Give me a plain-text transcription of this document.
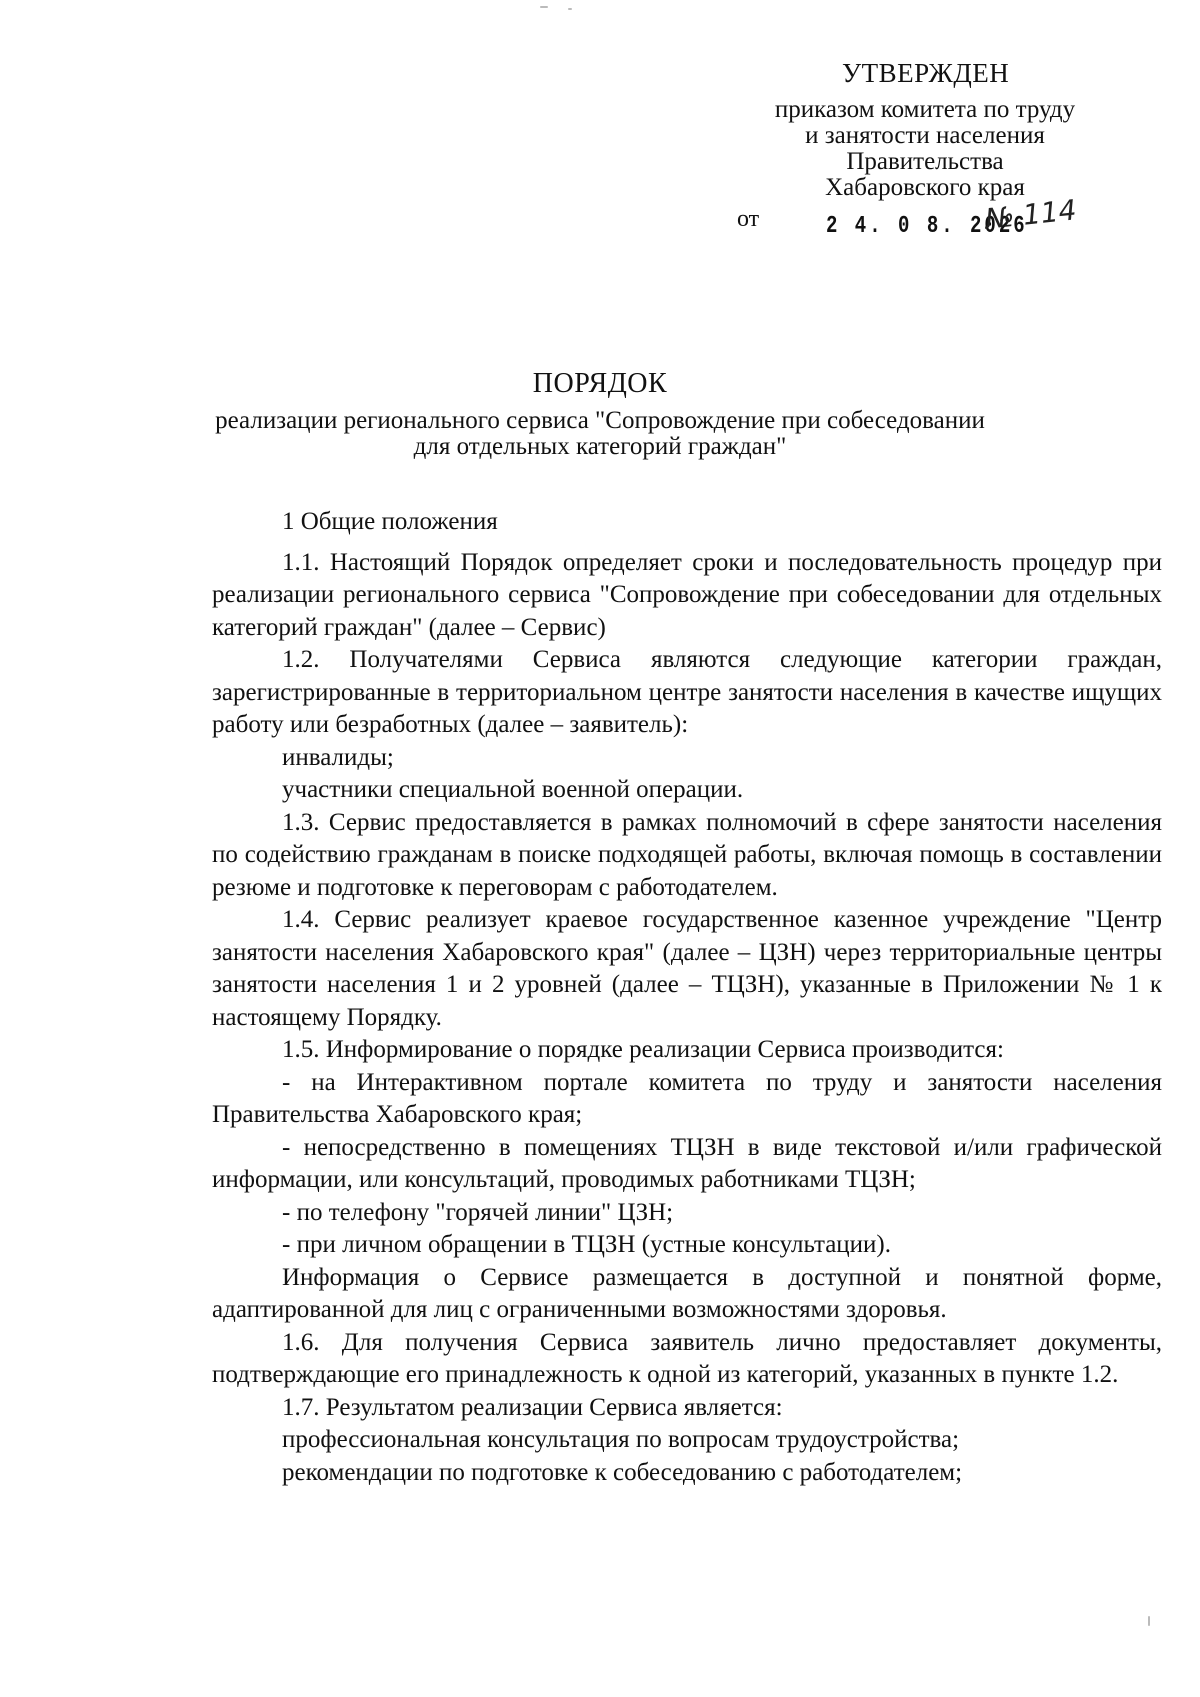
УТВЕРЖДЕН
приказом комитета по труду
и занятости населения
Правительства
Хабаровского края
от	2 4. 0 8. 2026
№ 114
ПОРЯДОК
реализации регионального сервиса "Сопровождение при собеседовании
для отдельных категорий граждан"

1 Общие положения

1.1. Настоящий Порядок определяет сроки и последовательность процедур при реализации регионального сервиса "Сопровождение при собеседовании для отдельных категорий граждан" (далее – Сервис)

1.2. Получателями Сервиса являются следующие категории граждан, зарегистрированные в территориальном центре занятости населения в качестве ищущих работу или безработных (далее – заявитель):

инвалиды;

участники специальной военной операции.

1.3. Сервис предоставляется в рамках полномочий в сфере занятости населения по содействию гражданам в поиске подходящей работы, включая помощь в составлении резюме и подготовке к переговорам с работодателем.

1.4. Сервис реализует краевое государственное казенное учреждение "Центр занятости населения Хабаровского края" (далее – ЦЗН) через территориальные центры занятости населения 1 и 2 уровней (далее – ТЦЗН), указанные в Приложении № 1 к настоящему Порядку.

1.5. Информирование о порядке реализации Сервиса производится:

- на Интерактивном портале комитета по труду и занятости населения Правительства Хабаровского края;

- непосредственно в помещениях ТЦЗН в виде текстовой и/или графической информации, или консультаций, проводимых работниками ТЦЗН;

- по телефону "горячей линии" ЦЗН;

- при личном обращении в ТЦЗН (устные консультации).

Информация о Сервисе размещается в доступной и понятной форме, адаптированной для лиц с ограниченными возможностями здоровья.

1.6. Для получения Сервиса заявитель лично предоставляет документы, подтверждающие его принадлежность к одной из категорий, указанных в пункте 1.2.

1.7. Результатом реализации Сервиса является:

профессиональная консультация по вопросам трудоустройства;

рекомендации по подготовке к собеседованию с работодателем;
